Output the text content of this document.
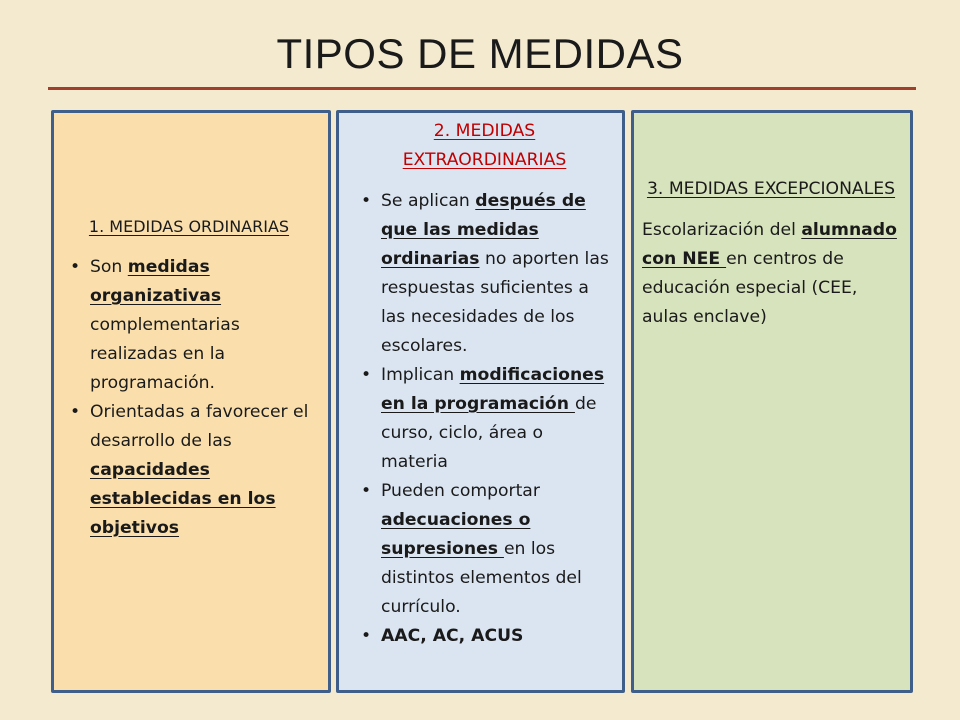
TIPOS DE MEDIDAS
1. MEDIDAS ORDINARIAS
• Son medidas organizativas complementarias realizadas en la programación.
• Orientadas a favorecer el desarrollo de las capacidades establecidas en los objetivos
2. MEDIDAS EXTRAORDINARIAS
• Se aplican después de que las medidas ordinarias no aporten las respuestas suficientes a las necesidades de los escolares.
• Implican modificaciones en la programación de curso, ciclo, área o materia
• Pueden comportar adecuaciones o supresiones en los distintos elementos del currículo.
• AAC, AC, ACUS
3. MEDIDAS EXCEPCIONALES
Escolarización del alumnado con NEE en centros de educación especial (CEE, aulas enclave)
